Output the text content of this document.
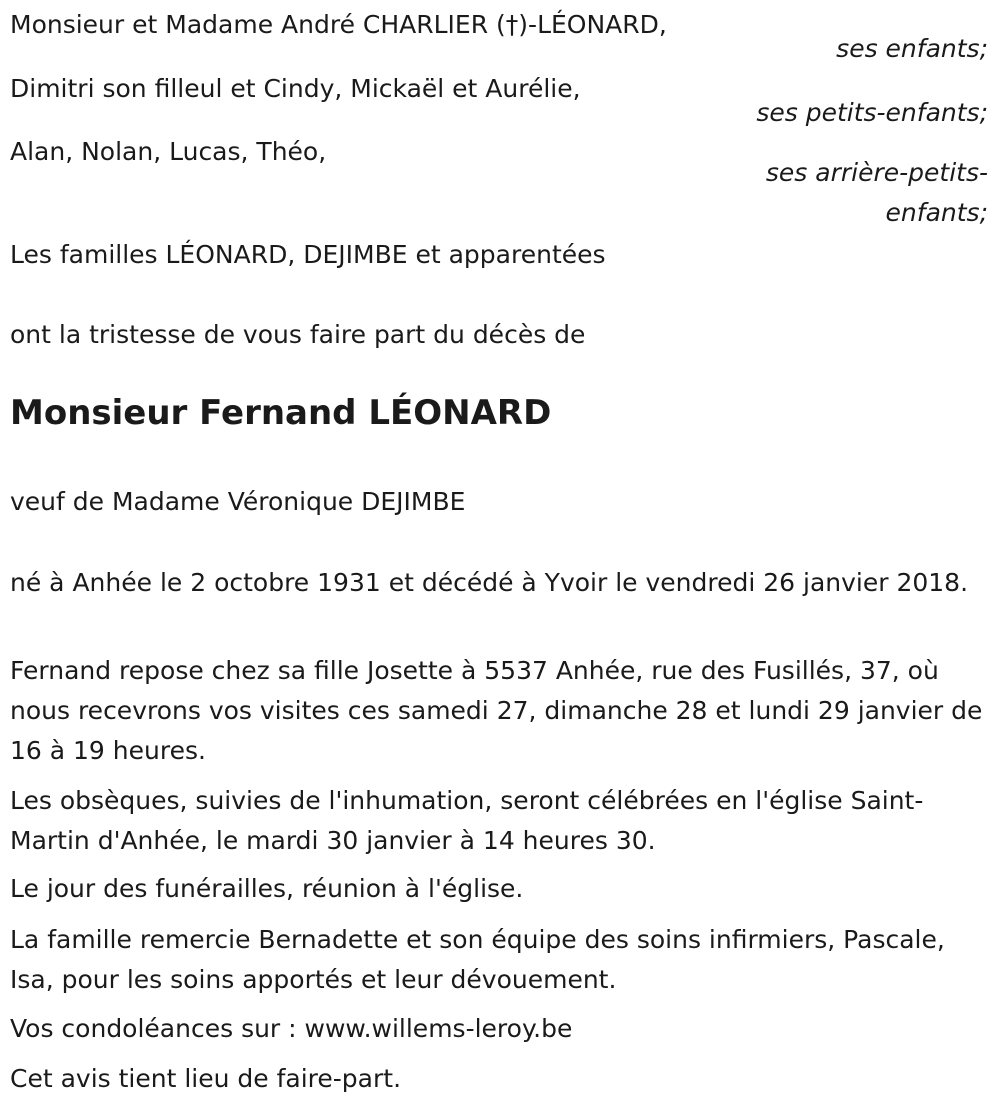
Monsieur et Madame André CHARLIER (†)-LÉONARD,
ses enfants;
Dimitri son filleul et Cindy, Mickaël et Aurélie,
ses petits-enfants;
Alan, Nolan, Lucas, Théo,
ses arrière-petits-enfants;
Les familles LÉONARD, DEJIMBE et apparentées
ont la tristesse de vous faire part du décès de
Monsieur Fernand LÉONARD
veuf de Madame Véronique DEJIMBE
né à Anhée le 2 octobre 1931 et décédé à Yvoir le vendredi 26 janvier 2018.
Fernand repose chez sa fille Josette à 5537 Anhée, rue des Fusillés, 37, où nous recevrons vos visites ces samedi 27, dimanche 28 et lundi 29 janvier de 16 à 19 heures.
Les obsèques, suivies de l'inhumation, seront célébrées en l'église Saint-Martin d'Anhée, le mardi 30 janvier à 14 heures 30.
Le jour des funérailles, réunion à l'église.
La famille remercie Bernadette et son équipe des soins infirmiers, Pascale, Isa, pour les soins apportés et leur dévouement.
Vos condoléances sur : www.willems-leroy.be
Cet avis tient lieu de faire-part.
